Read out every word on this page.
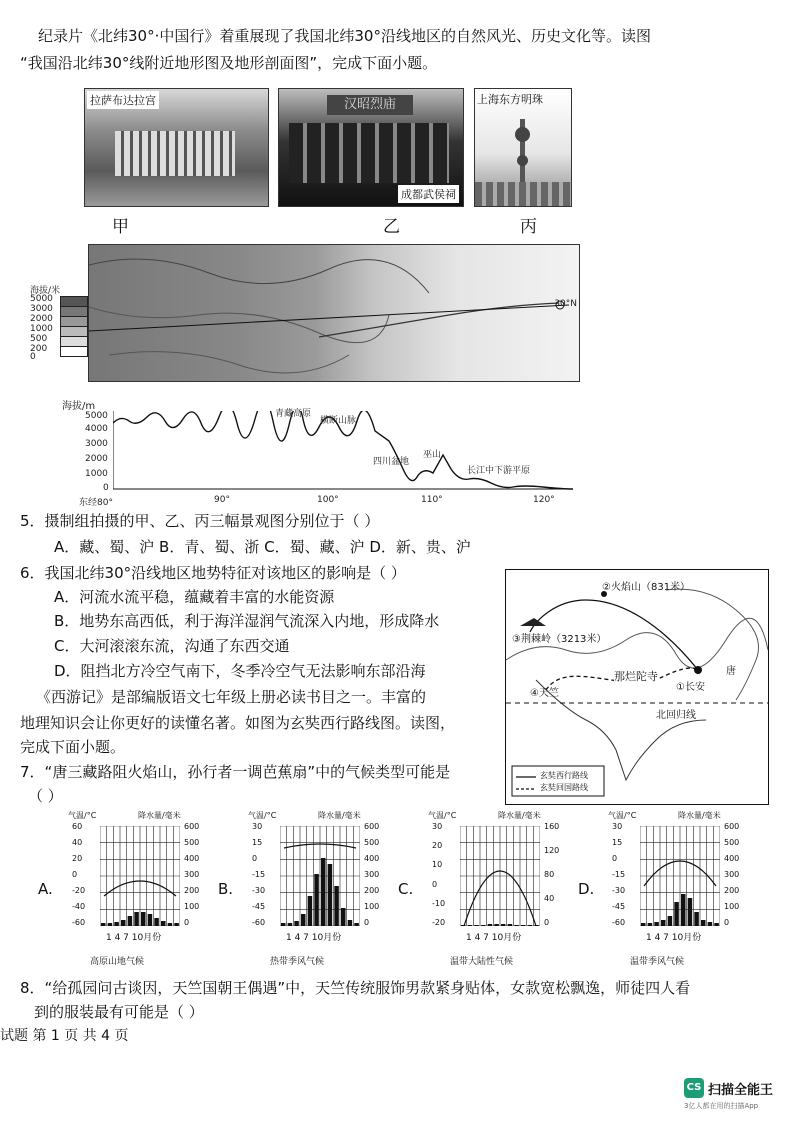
纪录片《北纬30°·中国行》着重展现了我国北纬30°沿线地区的自然风光、历史文化等。读图
“我国沿北纬30°线附近地形图及地形剖面图”，完成下面小题。
拉萨布达拉宫	汉昭烈庙
成都武侯祠
上海东方明珠
甲	乙	丙
30°N
海拔/米
5000
3000
2000
1000
500
200
0
海拔/m
5000
4000
3000
2000
1000
0
青藏高原
横断山脉
四川盆地
巫山
长江中下游平原
东经80°	90°	100°	110°	120°
5．摄制组拍摄的甲、乙、丙三幅景观图分别位于（ ）
A．藏、蜀、沪 B．青、蜀、浙 C．蜀、藏、沪 D．新、贵、沪
6．我国北纬30°沿线地区地势特征对该地区的影响是（ ）
A．河流水流平稳，蕴藏着丰富的水能资源
B．地势东高西低，利于海洋湿润气流深入内地，形成降水
C．大河滚滚东流，沟通了东西交通
D．阻挡北方冷空气南下，冬季冷空气无法影响东部沿海
《西游记》是部编版语文七年级上册必读书目之一。丰富的
地理知识会让你更好的读懂名著。如图为玄奘西行路线图。读图，
完成下面小题。
②火焰山（831米）
③荆棘岭（3213米）
①长安
唐
④天竺
那烂陀寺
北回归线
玄奘西行路线
玄奘回国路线
7．“唐三藏路阻火焰山，孙行者一调芭蕉扇”中的气候类型可能是
（ ）
A.
气温/°C	降水量/毫米
60
40
20
0
-20
-40
-60
600
500
400
300
200
100
0
1 4 7 10月份
高原山地气候
B.
气温/°C	降水量/毫米
30
15
0
-15
-30
-45
-60
600
500
400
300
200
100
0
1 4 7 10月份
热带季风气候
C.
气温/°C	降水量/毫米
30
20
10
0
-10
-20
160
120
80
40
0
1 4 7 10月份
温带大陆性气候
D.
气温/°C	降水量/毫米
30
15
0
-15
-30
-45
-60
600
500
400
300
200
100
0
1 4 7 10月份
温带季风气候
8．“给孤园问古谈因，天竺国朝王偶遇”中，天竺传统服饰男款紧身贴体，女款宽松飘逸，师徒四人看
到的服装最有可能是（ ）
试题 第 1 页 共 4 页
CS 扫描全能王
3亿人都在用的扫描App
